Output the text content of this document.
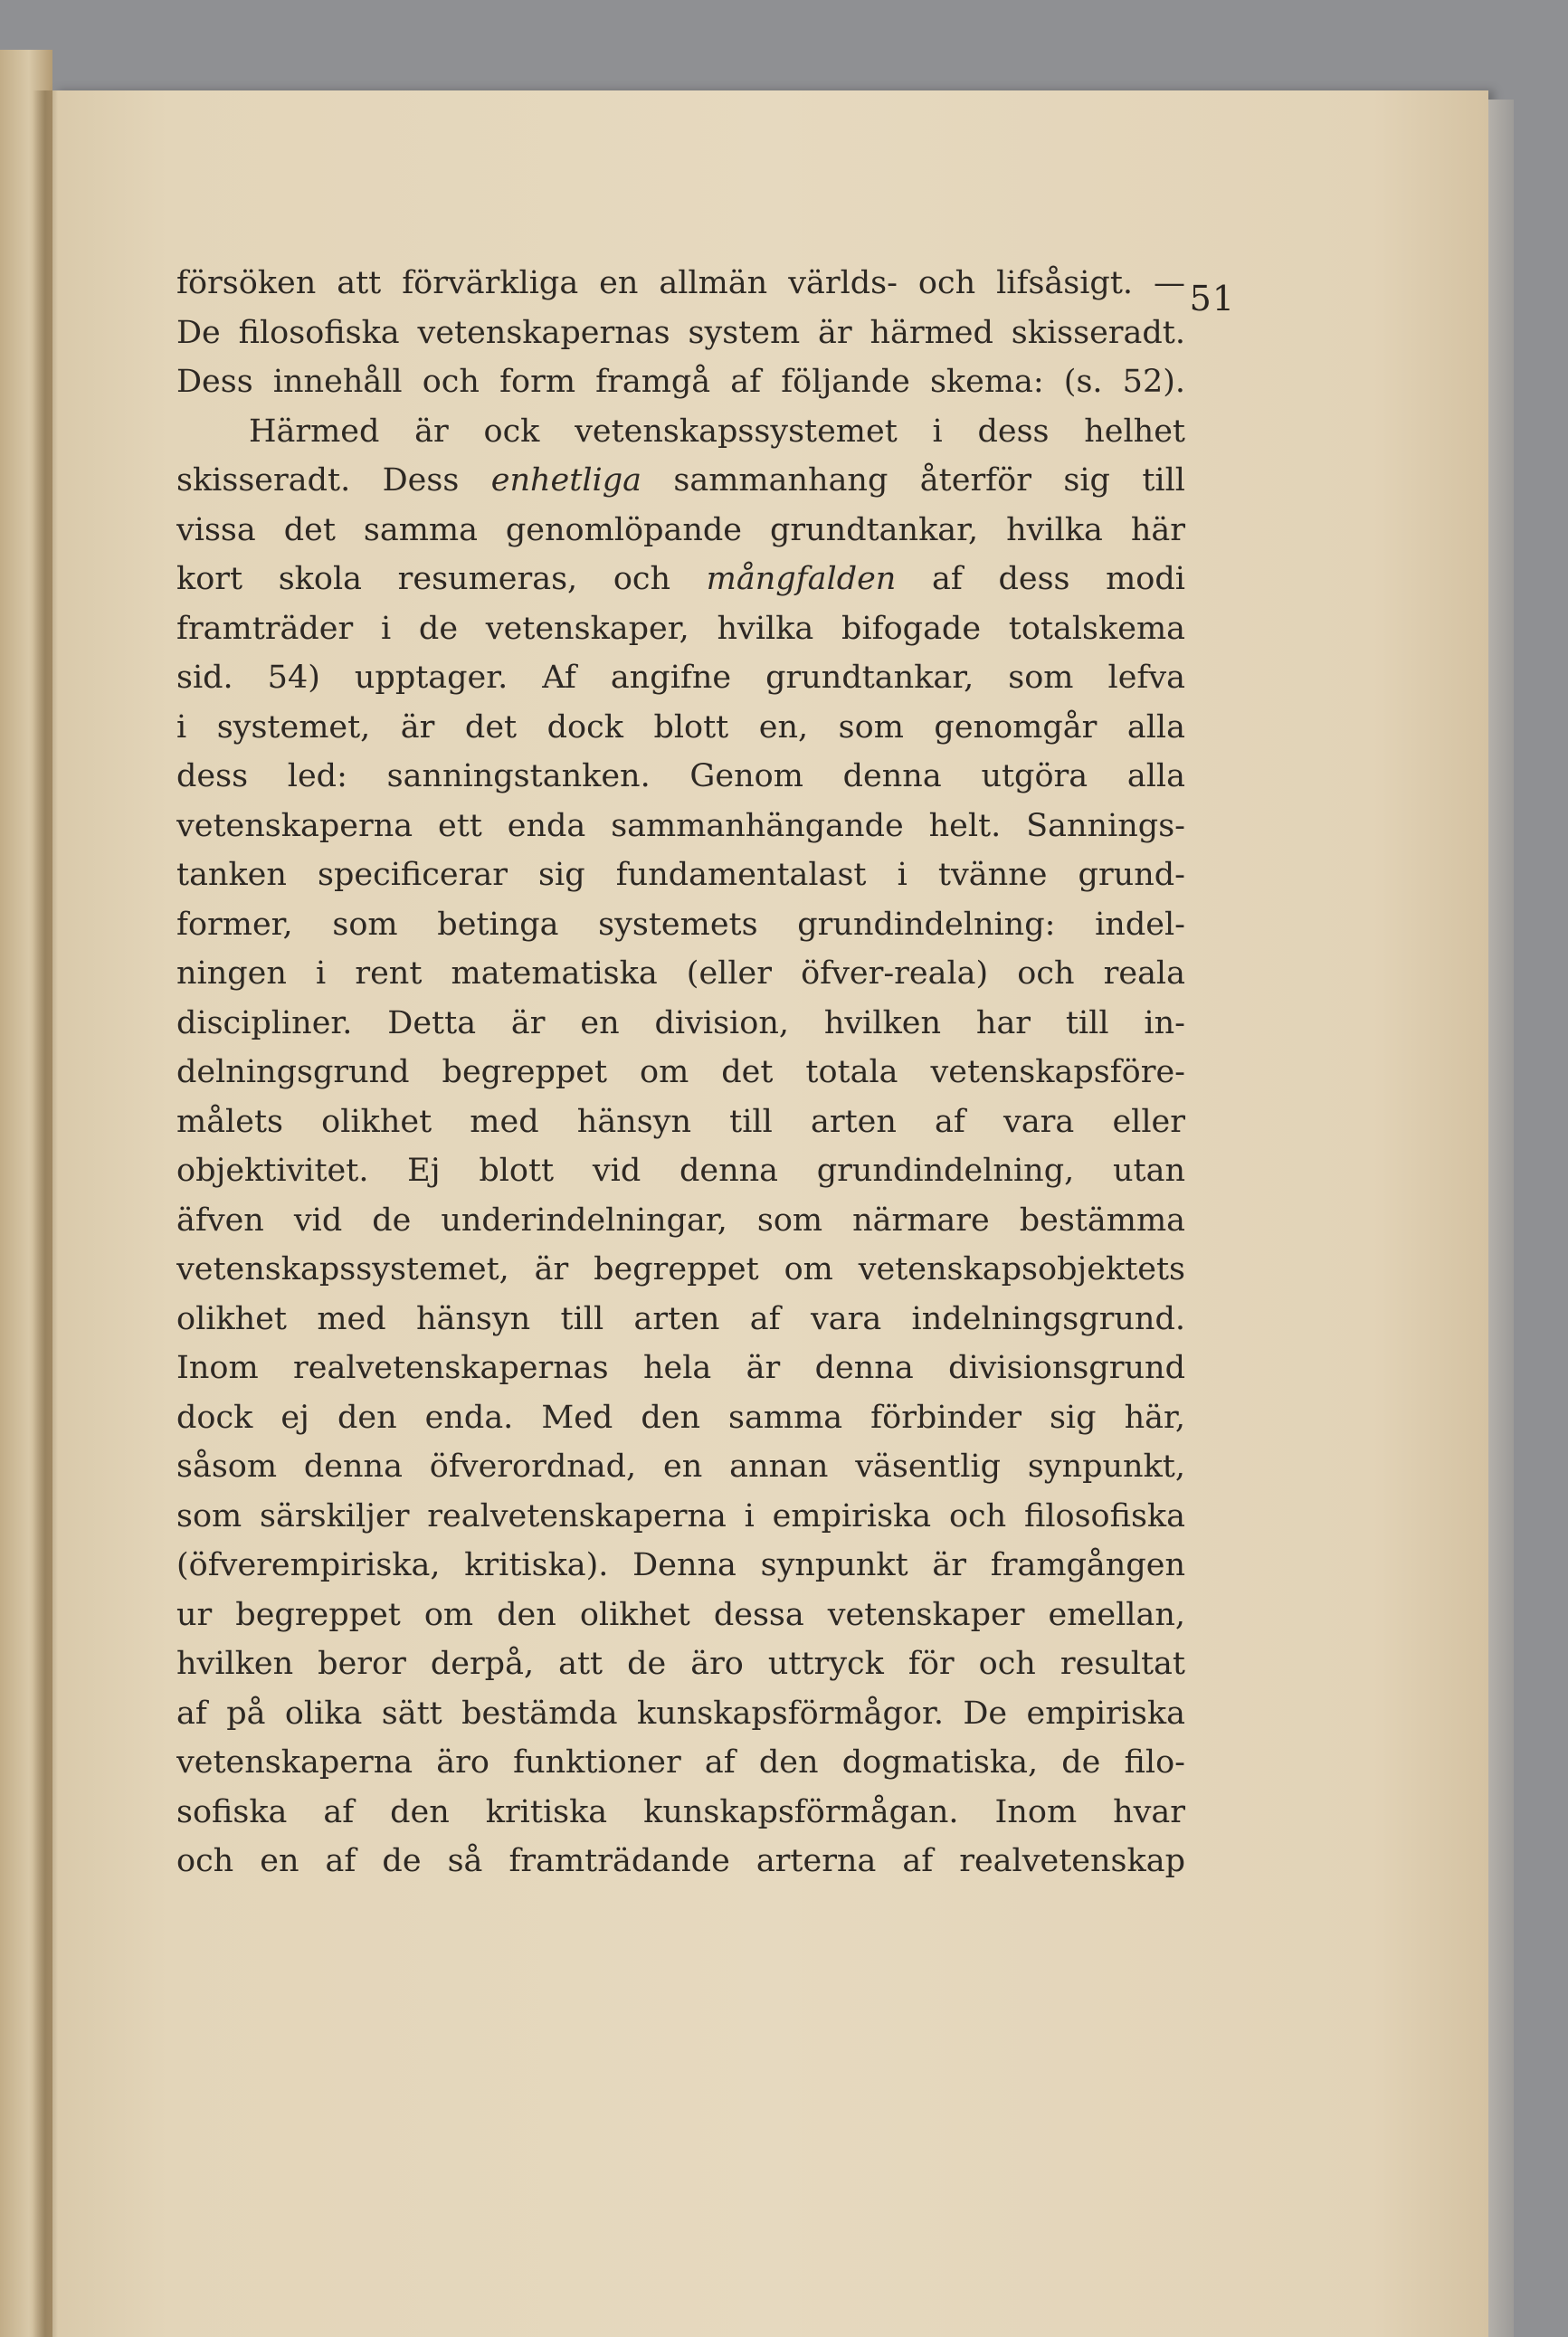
51
försöken att förvärkliga en allmän världs- och lifsåsigt. —
De filosofiska vetenskapernas system är härmed skisseradt.
Dess innehåll och form framgå af följande skema: (s. 52).
Härmed är ock vetenskapssystemet i dess helhet
skisseradt. Dess enhetliga sammanhang återför sig till
vissa det samma genomlöpande grundtankar, hvilka här
kort skola resumeras, och mångfalden af dess modi
framträder i de vetenskaper, hvilka bifogade totalskema
sid. 54) upptager. Af angifne grundtankar, som lefva
i systemet, är det dock blott en, som genomgår alla
dess led: sanningstanken. Genom denna utgöra alla
vetenskaperna ett enda sammanhängande helt. Sannings-
tanken specificerar sig fundamentalast i tvänne grund-
former, som betinga systemets grundindelning: indel-
ningen i rent matematiska (eller öfver-reala) och reala
discipliner. Detta är en division, hvilken har till in-
delningsgrund begreppet om det totala vetenskapsföre-
målets olikhet med hänsyn till arten af vara eller
objektivitet. Ej blott vid denna grundindelning, utan
äfven vid de underindelningar, som närmare bestämma
vetenskapssystemet, är begreppet om vetenskapsobjektets
olikhet med hänsyn till arten af vara indelningsgrund.
Inom realvetenskapernas hela är denna divisionsgrund
dock ej den enda. Med den samma förbinder sig här,
såsom denna öfverordnad, en annan väsentlig synpunkt,
som särskiljer realvetenskaperna i empiriska och filosofiska
(öfverempiriska, kritiska). Denna synpunkt är framgången
ur begreppet om den olikhet dessa vetenskaper emellan,
hvilken beror derpå, att de äro uttryck för och resultat
af på olika sätt bestämda kunskapsförmågor. De empiriska
vetenskaperna äro funktioner af den dogmatiska, de filo-
sofiska af den kritiska kunskapsförmågan. Inom hvar
och en af de så framträdande arterna af realvetenskap
